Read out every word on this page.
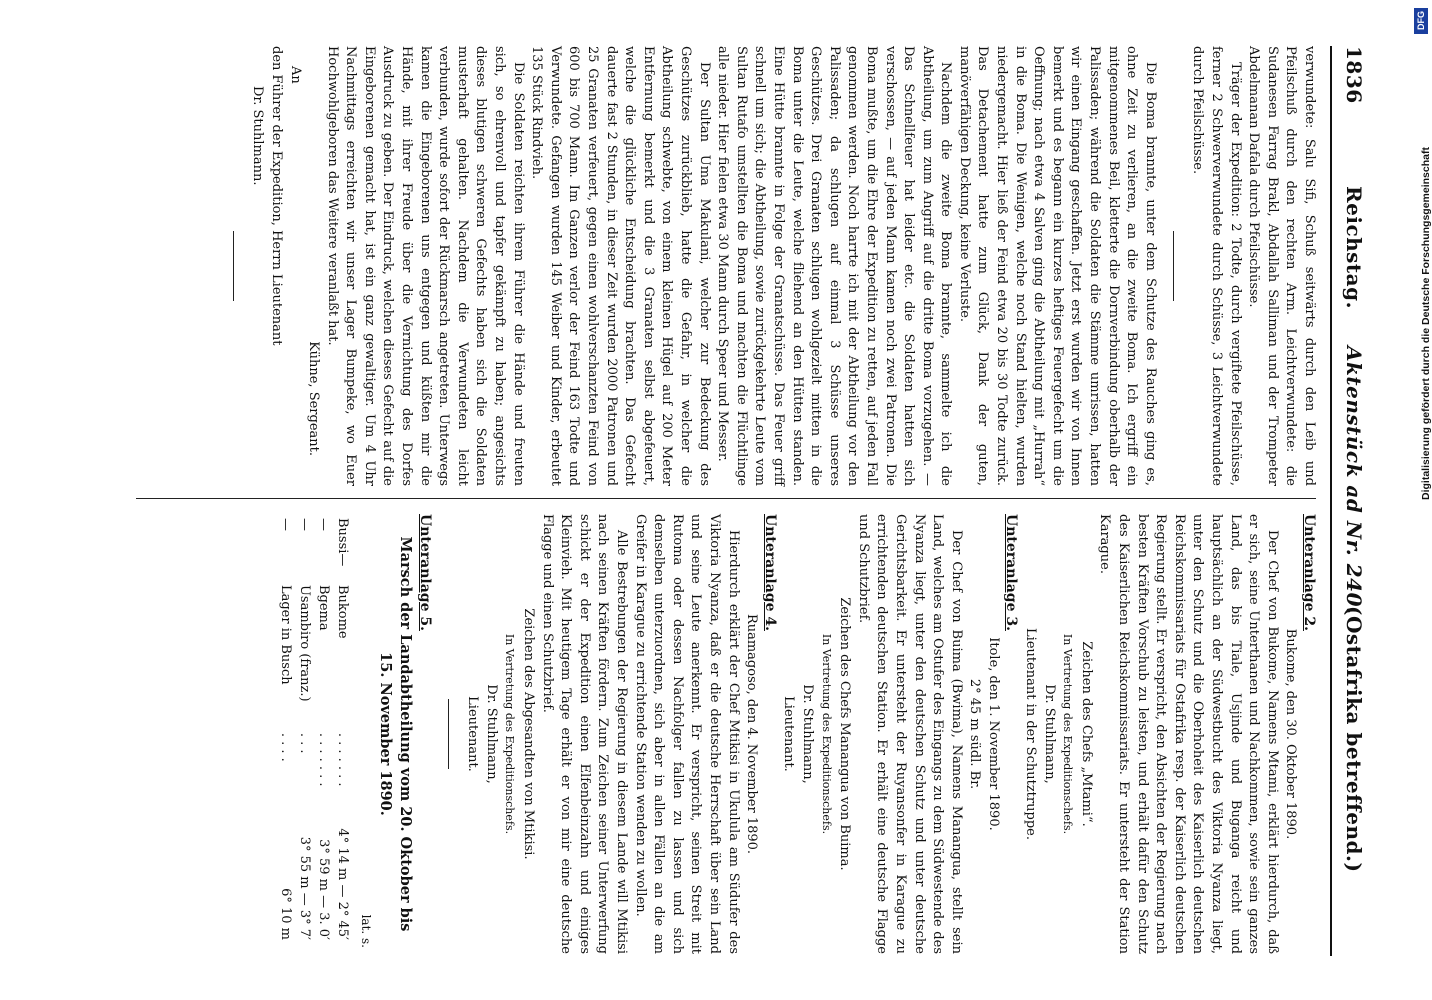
1836
Reichstag.
Aktenstück ad Nr. 240.
(Ostafrika betreffend.)

verwundete: Salu Sifi, Schuß seitwärts durch den Leib und Pfeilschuß durch den rechten Arm. Leichtverwundete: die Sudanesen Farrag Brakl, Abdallah Salliman und der Trompeter Abdelmanan Dafala durch Pfeilschüsse.

Träger der Expedition: 2 Todte, durch vergiftete Pfeilschüsse, ferner 2 Schwerverwundete durch Schüsse, 3 Leichtverwundete durch Pfeilschüsse.

Die Boma brannte, unter dem Schutze des Rauches ging es, ohne Zeit zu verlieren, an die zweite Boma. Ich ergriff ein mitgenommenes Beil, kletterte die Dornverbindung oberhalb der Palissaden; während die Soldaten die Stämme umrissen, hatten wir einen Eingang geschaffen. Jetzt erst wurden wir von Innen bemerkt und es begann ein kurzes heftiges Feuergefecht um die Oeffnung; nach etwa 4 Salven ging die Abtheilung mit „Hurrah“ in die Boma. Die Wenigen, welche noch Stand hielten, wurden niedergemacht. Hier ließ der Feind etwa 20 bis 30 Todte zurück. Das Detachement hatte zum Glück, Dank der guten, manöverfähigen Deckung, keine Verluste.

Nachdem die zweite Boma brannte, sammelte ich die Abtheilung, um zum Angriff auf die dritte Boma vorzugehen. — Das Schnellfeuer hat leider etc. die Soldaten hatten sich verschossen, — auf jeden Mann kamen noch zwei Patronen. Die Boma mußte, um die Ehre der Expedition zu retten, auf jeden Fall genommen werden. Noch harrte ich mit der Abtheilung vor den Palissaden; da schlugen auf einmal 3 Schüsse unseres Geschützes. Drei Granaten schlugen wohlgezielt mitten in die Boma unter die Leute, welche fliehend an den Hütten standen. Eine Hütte brannte in Folge der Granatschüsse. Das Feuer griff schnell um sich; die Abtheilung, sowie zurückgekehrte Leute vom Sultan Rutafo umstellten die Boma und machten die Flüchtlinge alle nieder. Hier fielen etwa 30 Mann durch Speer und Messer.

Der Sultan Uma Makulani, welcher zur Bedeckung des Geschützes zurückblieb, hatte die Gefahr, in welcher die Abtheilung schwebte, von einem kleinen Hügel auf 200 Meter Entfernung bemerkt und die 3 Granaten selbst abgefeuert, welche die glückliche Entscheidung brachten. Das Gefecht dauerte fast 2 Stunden, in dieser Zeit wurden 2000 Patronen und 25 Granaten verfeuert, gegen einen wohlverschanzten Feind von 600 bis 700 Mann. Im Ganzen verlor der Feind 163 Todte und Verwundete. Gefangen wurden 145 Weiber und Kinder, erbeutet 135 Stück Rindvieh.

Die Soldaten reichten ihrem Führer die Hände und freuten sich, so ehrenvoll und tapfer gekämpft zu haben; angesichts dieses blutigen schweren Gefechts haben sich die Soldaten musterhaft gehalten. Nachdem die Verwundeten leicht verbunden, wurde sofort der Rückmarsch angetreten. Unterwegs kamen die Eingeborenen uns entgegen und küßten mir die Hände, mit ihrer Freude über die Vernichtung des Dorfes Ausdruck zu geben. Der Eindruck, welchen dieses Gefecht auf die Eingeborenen gemacht hat, ist ein ganz gewaltiger. Um 4 Uhr Nachmittags erreichten wir unser Lager Bumpeke, wo Euer Hochwohlgeboren das Weitere veranlaßt hat.

Kühne, Sergeant.

An

den Führer der Expedition, Herrn Lieutenant

Dr. Stuhlmann.

Unteranlage 2.

Bukome, den 30. Oktober 1890.

Der Chef von Bukome, Namens Mtami, erklärt hierdurch, daß er sich, seine Unterthanen und Nachkommen, sowie sein ganzes Land, das bis Tiale, Usjinde und Buganga reicht und hauptsächlich an der Südwestbucht des Viktoria Nyanza liegt, unter den Schutz und die Oberhoheit des Kaiserlich deutschen Reichskommissariats für Ostafrika resp. der Kaiserlich deutschen Regierung stellt. Er verspricht, den Absichten der Regierung nach besten Kräften Vorschub zu leisten, und erhält dafür den Schutz des Kaiserlichen Reichskommissariats. Er untersteht der Station Karague.

Zeichen des Chefs „Mtami“.

In Vertretung des Expeditionschefs.

Dr. Stuhlmann,

Lieutenant in der Schutztruppe.

Unteranlage 3.

Itole, den 1. November 1890.

2° 45 m südl. Br.

Der Chef von Buima (Bwima), Namens Manangua, stellt sein Land, welches am Ostufer des Eingangs zu dem Südwestende des Nyanza liegt, unter den deutschen Schutz und unter deutsche Gerichtsbarkeit. Er untersteht der Ruyansonfer in Karague zu errichtenden deutschen Station. Er erhält eine deutsche Flagge und Schutzbrief.

Zeichen des Chefs Manangua von Buima.

In Vertretung des Expeditionschefs.

Dr. Stuhlmann,

Lieutenant.

Unteranlage 4.

Ruamagoso, den 4. November 1890.

Hierdurch erklärt der Chef Mtikisi in Ukulula am Südufer des Viktoria Nyanza, daß er die deutsche Herrschaft über sein Land und seine Leute anerkennt. Er verspricht, seinen Streit mit Rutoma oder dessen Nachfolger fallen zu lassen und sich demselben unterzuordnen, sich aber in allen Fällen an die am Greifer in Karague zu errichtende Station wenden zu wollen.

Alle Bestrebungen der Regierung in diesem Lande will Mtikisi nach seinen Kräften fördern. Zum Zeichen seiner Unterwerfung schickt er der Expedition einen Elfenbeinzahn und einiges Kleinvieh. Mit heutigem Tage erhält er von mir eine deutsche Flagge und einen Schutzbrief.

Zeichen des Abgesandten von Mtikisi.

In Vertretung des Expeditionschefs.

Dr. Stuhlmann,

Lieutenant.

Unteranlage 5.

Marsch der Landabtheilung vom 20. Oktober bis

15. November 1890.

lat. s.

Bussi—	Bukome	. . . . . . .	4° 14 m — 2° 45′
—	Bgema	. . . . . . .	3° 59 m — 3. 0′
—	Usambiro (franz.)	. . .	3° 55 m — 3° 7′
—	Lager in Busch	. . . .	6° 10 m
DFG
Digitalisierung gefördert durch die Deutsche Forschungsgemeinschaft
